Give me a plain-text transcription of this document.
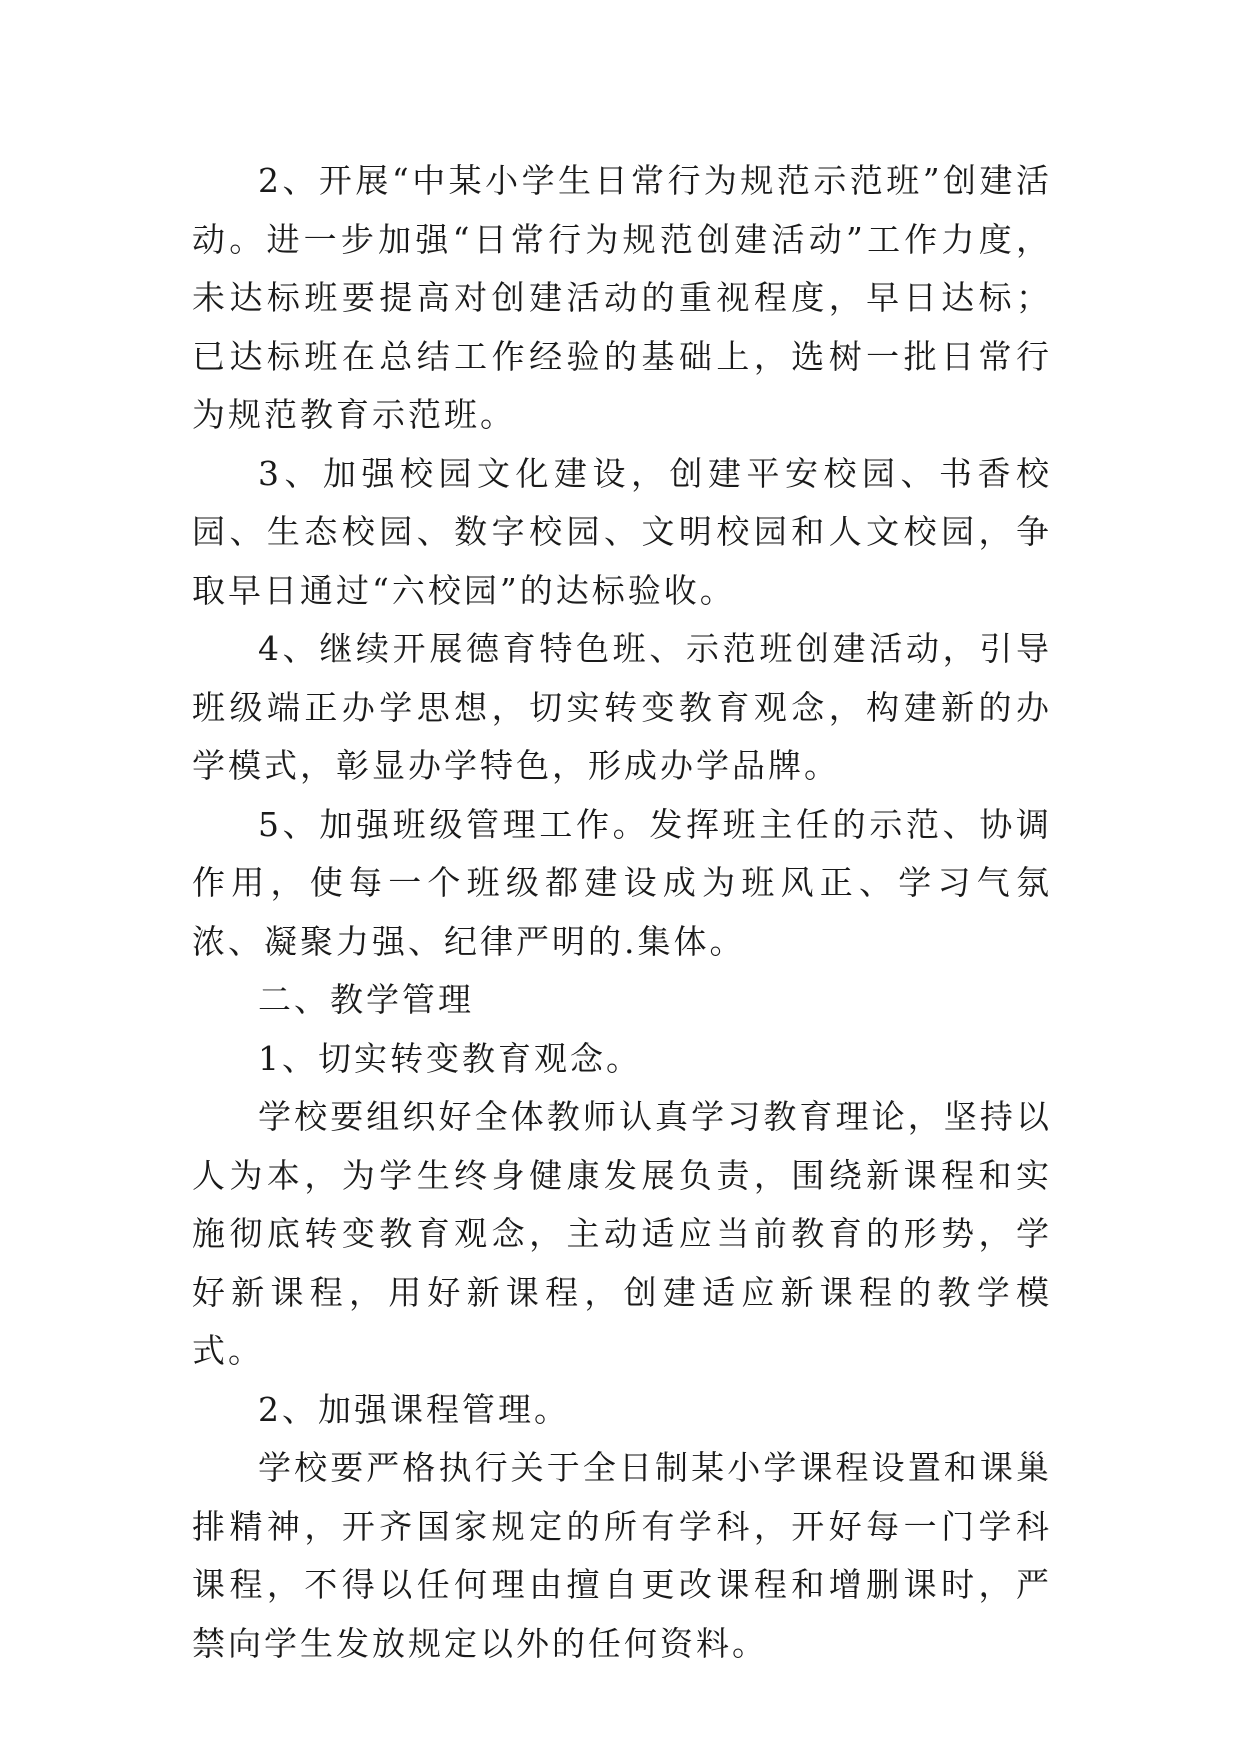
2、开展“中某小学生日常行为规范示范班”创建活动。进一步加强“日常行为规范创建活动”工作力度，未达标班要提高对创建活动的重视程度，早日达标；已达标班在总结工作经验的基础上，选树一批日常行为规范教育示范班。

3、加强校园文化建设，创建平安校园、书香校园、生态校园、数字校园、文明校园和人文校园，争取早日通过“六校园”的达标验收。

4、继续开展德育特色班、示范班创建活动，引导班级端正办学思想，切实转变教育观念，构建新的办学模式，彰显办学特色，形成办学品牌。

5、加强班级管理工作。发挥班主任的示范、协调作用，使每一个班级都建设成为班风正、学习气氛浓、凝聚力强、纪律严明的.集体。

二、教学管理

1、切实转变教育观念。

学校要组织好全体教师认真学习教育理论，坚持以人为本，为学生终身健康发展负责，围绕新课程和实施彻底转变教育观念，主动适应当前教育的形势，学好新课程，用好新课程，创建适应新课程的教学模式。

2、加强课程管理。

学校要严格执行关于全日制某小学课程设置和课巢排精神，开齐国家规定的所有学科，开好每一门学科课程，不得以任何理由擅自更改课程和增删课时，严禁向学生发放规定以外的任何资料。
